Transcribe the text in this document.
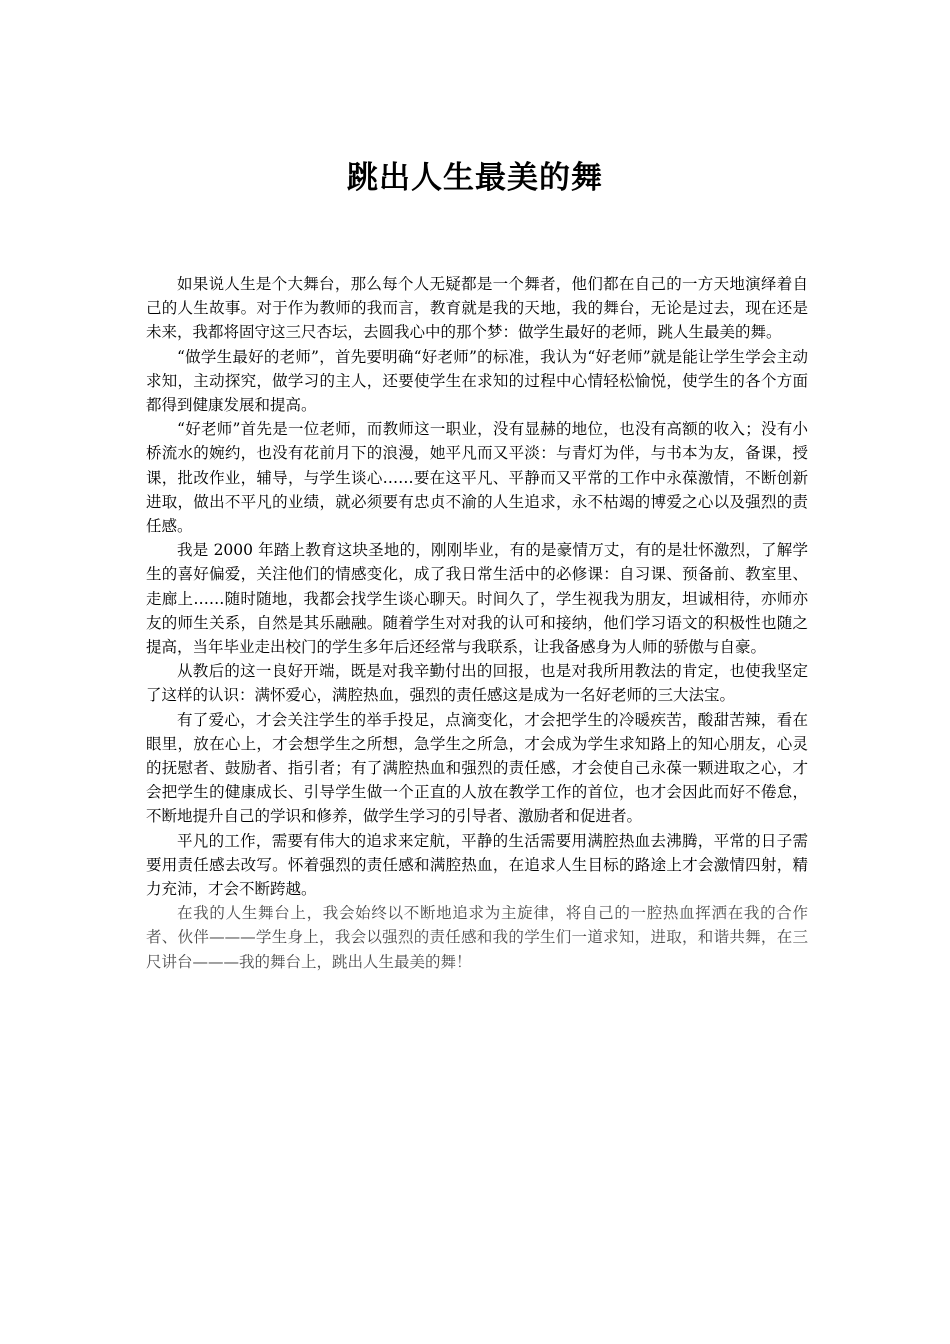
跳出人生最美的舞

如果说人生是个大舞台，那么每个人无疑都是一个舞者，他们都在自己的一方天地演绎着自己的人生故事。对于作为教师的我而言，教育就是我的天地，我的舞台，无论是过去，现在还是未来，我都将固守这三尺杏坛，去圆我心中的那个梦：做学生最好的老师，跳人生最美的舞。

“做学生最好的老师”，首先要明确“好老师”的标准，我认为“好老师”就是能让学生学会主动求知，主动探究，做学习的主人，还要使学生在求知的过程中心情轻松愉悦，使学生的各个方面都得到健康发展和提高。

“好老师”首先是一位老师，而教师这一职业，没有显赫的地位，也没有高额的收入；没有小桥流水的婉约，也没有花前月下的浪漫，她平凡而又平淡：与青灯为伴，与书本为友，备课，授课，批改作业，辅导，与学生谈心……要在这平凡、平静而又平常的工作中永葆激情，不断创新进取，做出不平凡的业绩，就必须要有忠贞不渝的人生追求，永不枯竭的博爱之心以及强烈的责任感。

我是 2000 年踏上教育这块圣地的，刚刚毕业，有的是豪情万丈，有的是壮怀激烈，了解学生的喜好偏爱，关注他们的情感变化，成了我日常生活中的必修课：自习课、预备前、教室里、走廊上……随时随地，我都会找学生谈心聊天。时间久了，学生视我为朋友，坦诚相待，亦师亦友的师生关系，自然是其乐融融。随着学生对对我的认可和接纳，他们学习语文的积极性也随之提高，当年毕业走出校门的学生多年后还经常与我联系，让我备感身为人师的骄傲与自豪。

从教后的这一良好开端，既是对我辛勤付出的回报，也是对我所用教法的肯定，也使我坚定了这样的认识：满怀爱心，满腔热血，强烈的责任感这是成为一名好老师的三大法宝。

有了爱心，才会关注学生的举手投足，点滴变化，才会把学生的冷暖疾苦，酸甜苦辣，看在眼里，放在心上，才会想学生之所想，急学生之所急，才会成为学生求知路上的知心朋友，心灵的抚慰者、鼓励者、指引者；有了满腔热血和强烈的责任感，才会使自己永葆一颗进取之心，才会把学生的健康成长、引导学生做一个正直的人放在教学工作的首位，也才会因此而好不倦怠，不断地提升自己的学识和修养，做学生学习的引导者、激励者和促进者。

平凡的工作，需要有伟大的追求来定航，平静的生活需要用满腔热血去沸腾，平常的日子需要用责任感去改写。怀着强烈的责任感和满腔热血，在追求人生目标的路途上才会激情四射，精力充沛，才会不断跨越。

在我的人生舞台上，我会始终以不断地追求为主旋律，将自己的一腔热血挥洒在我的合作者、伙伴———学生身上，我会以强烈的责任感和我的学生们一道求知，进取，和谐共舞，在三尺讲台———我的舞台上，跳出人生最美的舞！
